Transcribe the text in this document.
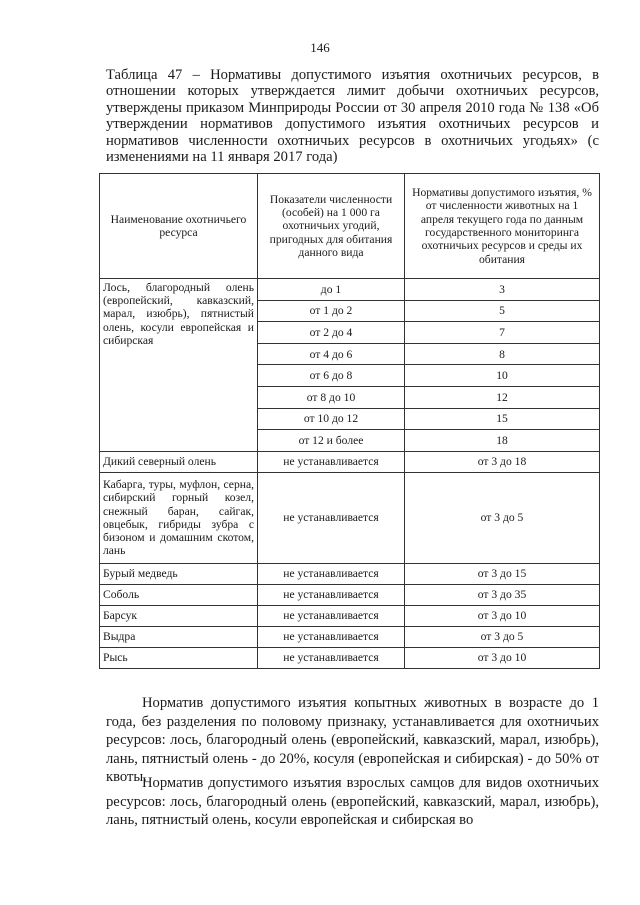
146
Таблица 47 – Нормативы допустимого изъятия охотничьих ресурсов, в отношении которых утверждается лимит добычи охотничьих ресурсов, утверждены приказом Минприроды России от 30 апреля 2010 года № 138 «Об утверждении нормативов допустимого изъятия охотничьих ресурсов и нормативов численности охотничьих ресурсов в охотничьих угодьях» (с изменениями на 11 января 2017 года)
Наименование охотничьего ресурса	Показатели численности (особей) на 1 000 га охотничьих угодий, пригодных для обитания данного вида	Нормативы допустимого изъятия, % от численности животных на 1 апреля текущего года по данным государственного мониторинга охотничьих ресурсов и среды их обитания
Лось, благородный олень (европейский, кавказский, марал, изюбрь), пятнистый олень, косули европейская и сибирская	до 1	3
	от 1 до 2	5
	от 2 до 4	7
	от 4 до 6	8
	от 6 до 8	10
	от 8 до 10	12
	от 10 до 12	15
	от 12 и более	18
Дикий северный олень	не устанавливается	от 3 до 18
Кабарга, туры, муфлон, серна, сибирский горный козел, снежный баран, сайгак, овцебык, гибриды зубра с бизоном и домашним скотом, лань	не устанавливается	от 3 до 5
Бурый медведь	не устанавливается	от 3 до 15
Соболь	не устанавливается	от 3 до 35
Барсук	не устанавливается	от 3 до 10
Выдра	не устанавливается	от 3 до 5
Рысь	не устанавливается	от 3 до 10

Норматив допустимого изъятия копытных животных в возрасте до 1 года, без разделения по половому признаку, устанавливается для охотничьих ресурсов: лось, благородный олень (европейский, кавказский, марал, изюбрь), лань, пятнистый олень - до 20%, косуля (европейская и сибирская) - до 50% от квоты.

Норматив допустимого изъятия взрослых самцов для видов охотничьих ресурсов: лось, благородный олень (европейский, кавказский, марал, изюбрь), лань, пятнистый олень, косули европейская и сибирская во
